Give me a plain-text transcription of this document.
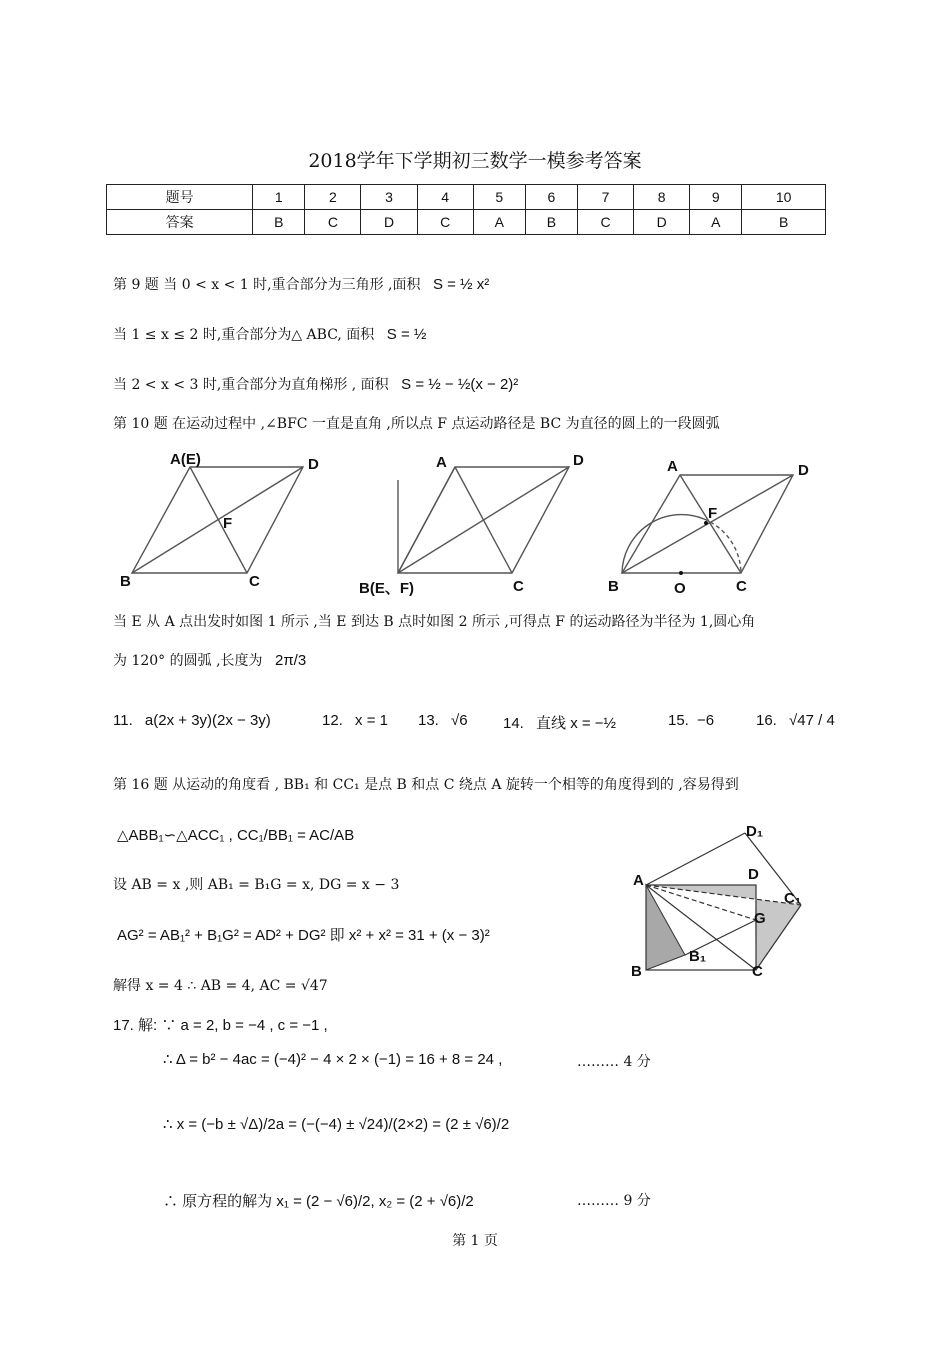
2018学年下学期初三数学一模参考答案
题号	1	2	3	4	5	6	7	8	9	10
答案	B	C	D	C	A	B	C	D	A	B
第 9 题 当 0 < x < 1 时,重合部分为三角形 ,面积 S = ½ x²
当 1 ≤ x ≤ 2 时,重合部分为△ ABC, 面积 S = ½
当 2 < x < 3 时,重合部分为直角梯形 , 面积 S = ½ − ½(x − 2)²
第 10 题 在运动过程中 ,∠BFC 一直是直角 ,所以点 F 点运动路径是 BC 为直径的圆上的一段圆弧
A(E)	D
F
B	C
A	D
B(E、F)	C
A	D
F
B	O	C
当 E 从 A 点出发时如图 1 所示 ,当 E 到达 B 点时如图 2 所示 ,可得点 F 的运动路径为半径为 1,圆心角
为 120° 的圆弧 ,长度为 2π/3
11. a(2x + 3y)(2x − 3y)	12. x = 1 13. √6 14. 直线 x = −½	15. −6	16. √47 / 4
第 16 题 从运动的角度看 , BB₁ 和 CC₁ 是点 B 和点 C 绕点 A 旋转一个相等的角度得到的 ,容易得到
△ABB₁∽△ACC₁ , CC₁/BB₁ = AC/AB
设 AB = x ,则 AB₁ = B₁G = x, DG = x − 3
AG² = AB₁² + B₁G² = AD² + DG² 即 x² + x² = 31 + (x − 3)²
解得 x = 4 ∴ AB = 4, AC = √47
D₁
A	D
C₁
G
B
B₁
C
17. 解: ∵ a = 2, b = −4 , c = −1 ,
∴ Δ = b² − 4ac = (−4)² − 4 × 2 × (−1) = 16 + 8 = 24 ,	……… 4 分
∴ x = (−b ± √Δ)/2a = (−(−4) ± √24)/(2×2) = (2 ± √6)/2
∴ 原方程的解为 x₁ = (2 − √6)/2, x₂ = (2 + √6)/2	……… 9 分
第 1 页
